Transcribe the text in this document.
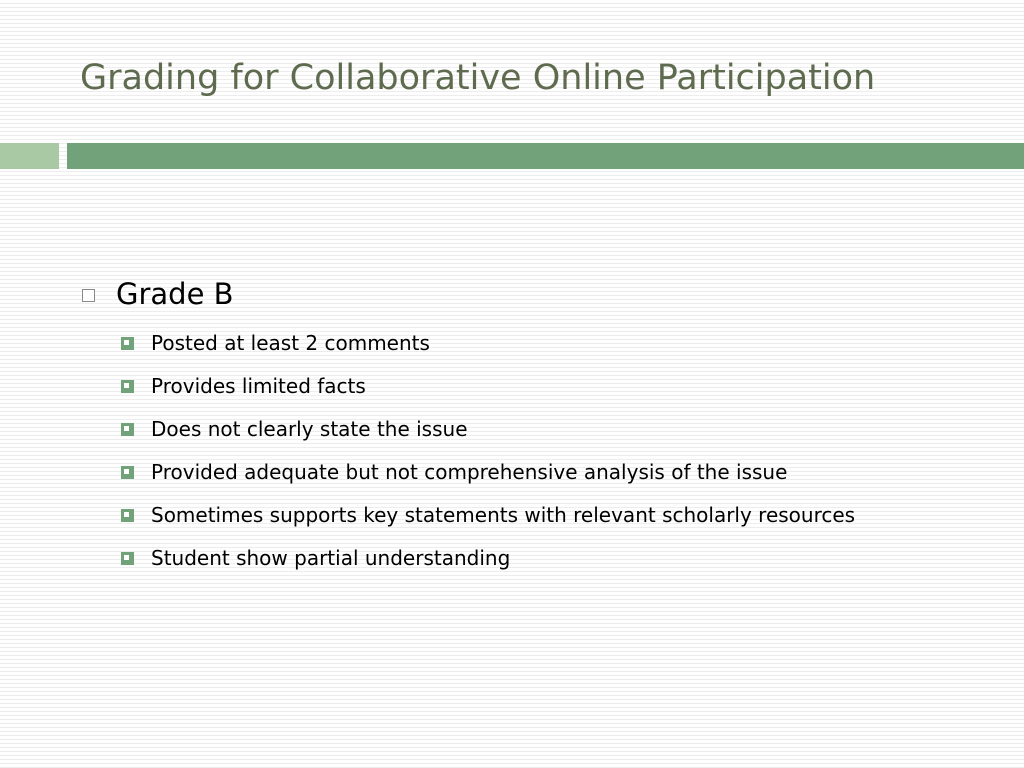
Grading for Collaborative Online Participation
Grade B
Posted at least 2 comments
Provides limited facts
Does not clearly state the issue
Provided adequate but not comprehensive analysis of the issue
Sometimes supports key statements with relevant scholarly resources
Student show partial understanding
